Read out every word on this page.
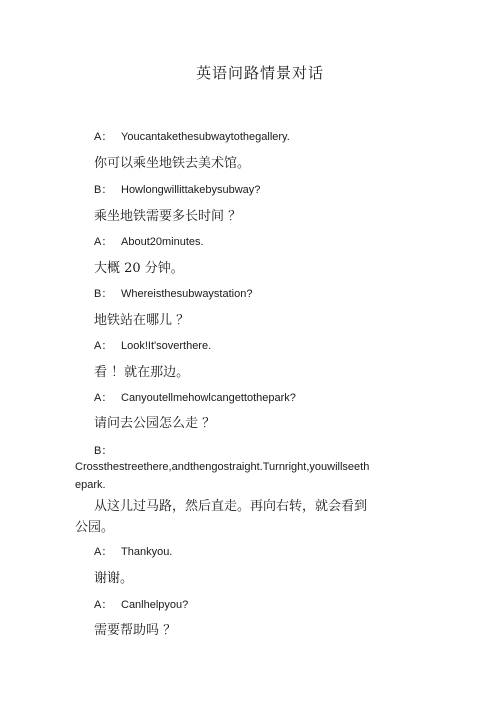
英语问路情景对话
A： Youcantakethesubwaytothegallery.
你可以乘坐地铁去美术馆。
B： Howlongwillittakebysubway?
乘坐地铁需要多长时间 ？
A： About20minutes.
大概 20 分钟。
B： Whereisthesubwaystation?
地铁站在哪儿 ？
A： Look!It'soverthere.
看 ！就在那边。
A： Canyoutellmehowlcangettothepark?
请问去公园怎么走 ？
B：
Crossthestreethere,andthengostraight.Turnright,youwillseethepark.
从这儿过马路，然后直走。再向右转，就会看到公园。
A： Thankyou.
谢谢。
A： Canlhelpyou?
需要帮助吗 ？
